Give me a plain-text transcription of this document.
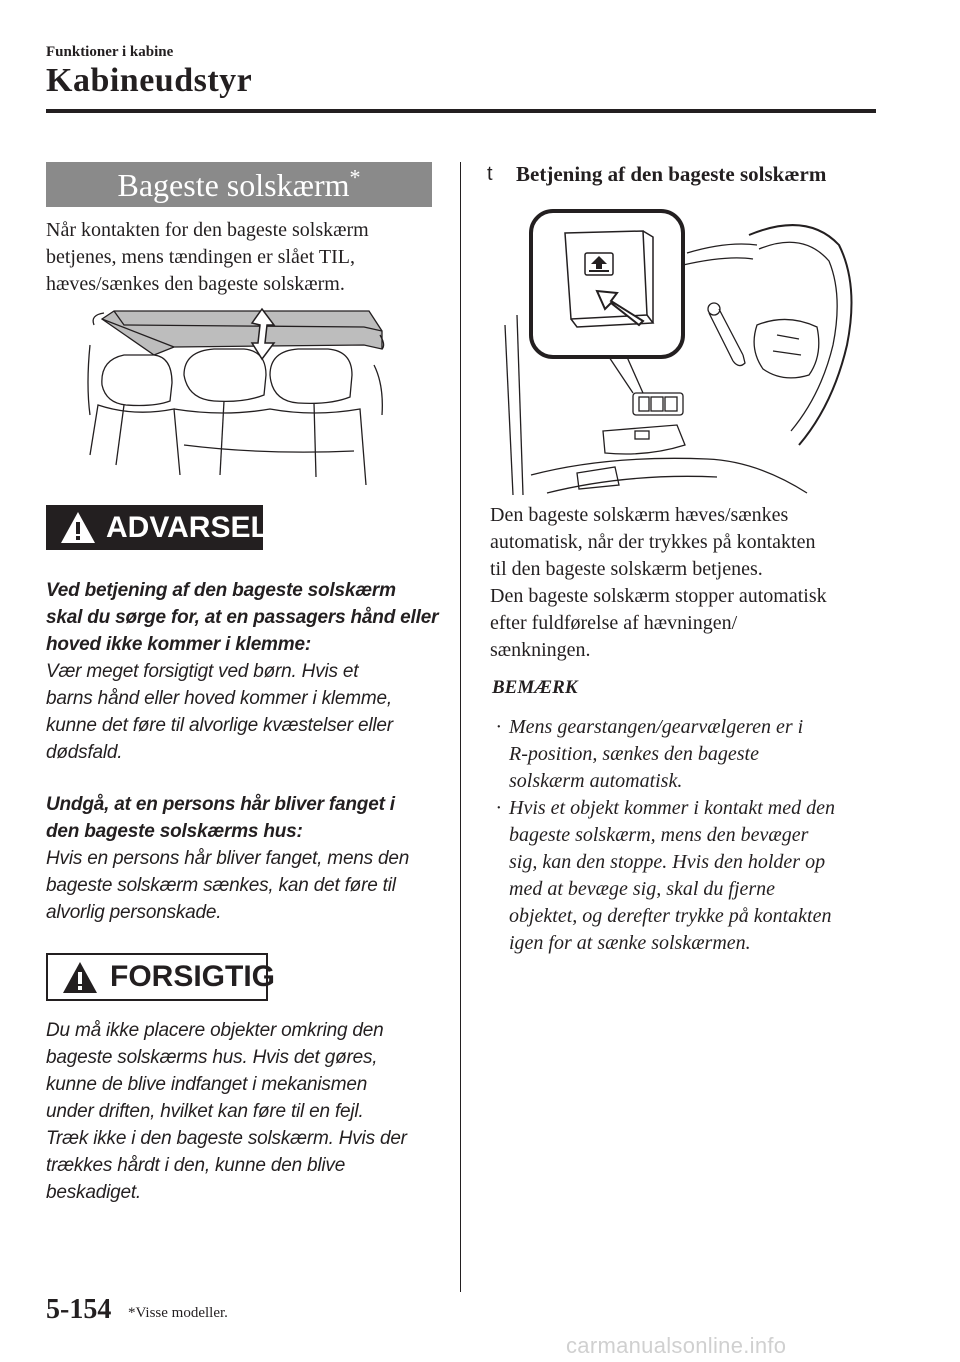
Funktioner i kabine
Kabineudstyr
Bageste solskærm*

Når kontakten for den bageste solskærm

betjenes, mens tændingen er slået TIL,

hæves/sænkes den bageste solskærm.

ADVARSEL

Ved betjening af den bageste solskærm

skal du sørge for, at en passagers hånd eller

hoved ikke kommer i klemme:

Vær meget forsigtigt ved børn. Hvis et

barns hånd eller hoved kommer i klemme,

kunne det føre til alvorlige kvæstelser eller

dødsfald.

Undgå, at en persons hår bliver fanget i

den bageste solskærms hus:

Hvis en persons hår bliver fanget, mens den

bageste solskærm sænkes, kan det føre til

alvorlig personskade.

FORSIGTIG

Du må ikke placere objekter omkring den

bageste solskærms hus. Hvis det gøres,

kunne de blive indfanget i mekanismen

under driften, hvilket kan føre til en fejl.

Træk ikke i den bageste solskærm. Hvis der

trækkes hårdt i den, kunne den blive

beskadiget.

t Betjening af den bageste solskærm

Den bageste solskærm hæves/sænkes

automatisk, når der trykkes på kontakten

til den bageste solskærm betjenes.

Den bageste solskærm stopper automatisk

efter fuldførelse af hævningen/

sænkningen.

BEMÆRK
· Mens gearstangen/gearvælgeren er i

R-position, sænkes den bageste

solskærm automatisk.

· Hvis et objekt kommer i kontakt med den

bageste solskærm, mens den bevæger

sig, kan den stoppe. Hvis den holder op

med at bevæge sig, skal du fjerne

objektet, og derefter trykke på kontakten

igen for at sænke solskærmen.

5-154 *Visse modeller.
carmanualsonline.info
